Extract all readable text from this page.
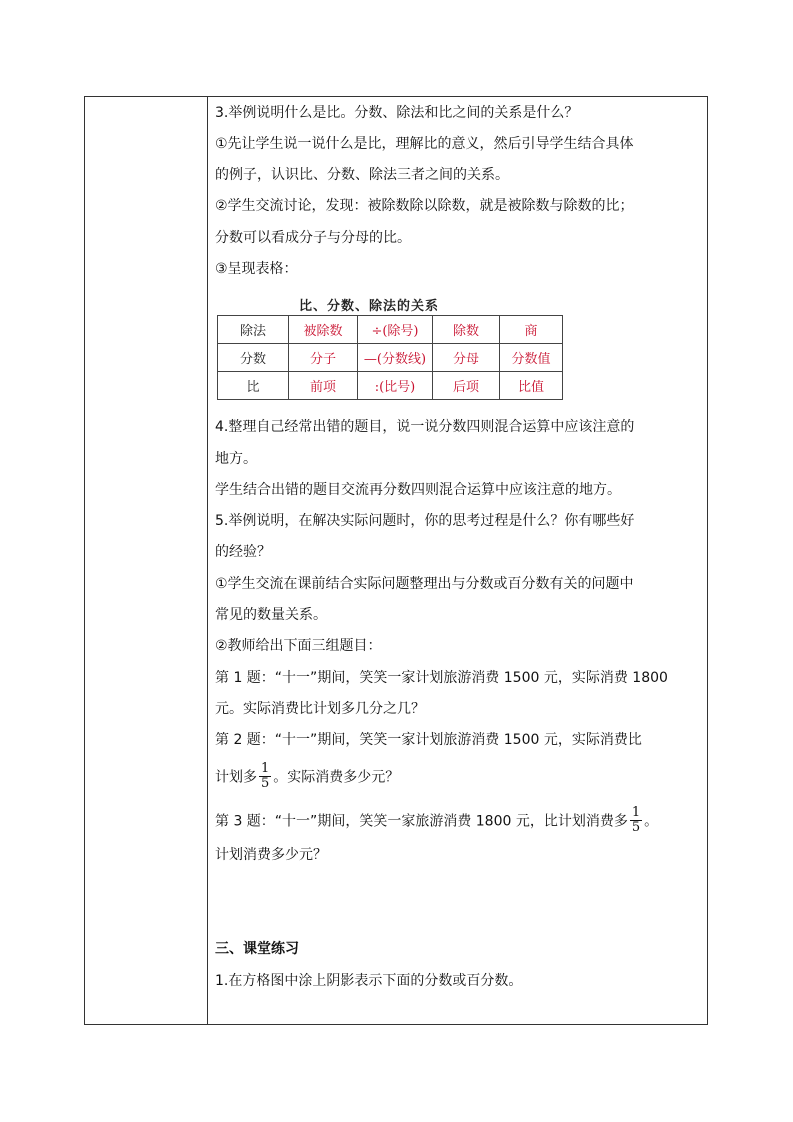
3.举例说明什么是比。分数、除法和比之间的关系是什么？
①先让学生说一说什么是比，理解比的意义，然后引导学生结合具体
的例子，认识比、分数、除法三者之间的关系。
②学生交流讨论，发现：被除数除以除数，就是被除数与除数的比；
分数可以看成分子与分母的比。
③呈现表格：
比、分数、除法的关系
除法	被除数	÷(除号)	除数	商
分数	分子	—(分数线)	分母	分数值
比	前项	:(比号)	后项	比值
4.整理自己经常出错的题目，说一说分数四则混合运算中应该注意的
地方。
学生结合出错的题目交流再分数四则混合运算中应该注意的地方。
5.举例说明，在解决实际问题时，你的思考过程是什么？你有哪些好
的经验？
①学生交流在课前结合实际问题整理出与分数或百分数有关的问题中
常见的数量关系。
②教师给出下面三组题目：
第 1 题：“十一”期间，笑笑一家计划旅游消费 1500 元，实际消费 1800
元。实际消费比计划多几分之几？
第 2 题：“十一”期间，笑笑一家计划旅游消费 1500 元，实际消费比
计划多 $\frac{1}{5}$ 。实际消费多少元？
第 3 题：“十一”期间，笑笑一家旅游消费 1800 元，比计划消费多 $\frac{1}{5}$ 。
计划消费多少元？
三、课堂练习
1.在方格图中涂上阴影表示下面的分数或百分数。
